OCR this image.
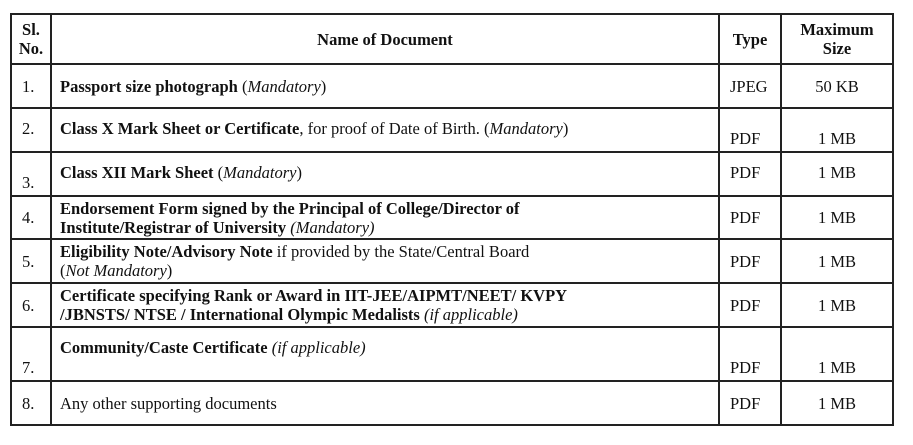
Sl.
No.	Name of Document	Type	Maximum
Size
1.	Passport size photograph (Mandatory)	JPEG	50 KB
2.	Class X Mark Sheet or Certificate, for proof of Date of Birth. (Mandatory)	PDF	1 MB
3.	Class XII Mark Sheet (Mandatory)	PDF	1 MB
4.	Endorsement Form signed by the Principal of College/Director of
Institute/Registrar of University (Mandatory)	PDF	1 MB
5.	Eligibility Note/Advisory Note if provided by the State/Central Board
(Not Mandatory)	PDF	1 MB
6.	Certificate specifying Rank or Award in IIT-JEE/AIPMT/NEET/ KVPY
/JBNSTS/ NTSE / International Olympic Medalists (if applicable)	PDF	1 MB
7.	Community/Caste Certificate (if applicable)	PDF	1 MB
8.	Any other supporting documents	PDF	1 MB
